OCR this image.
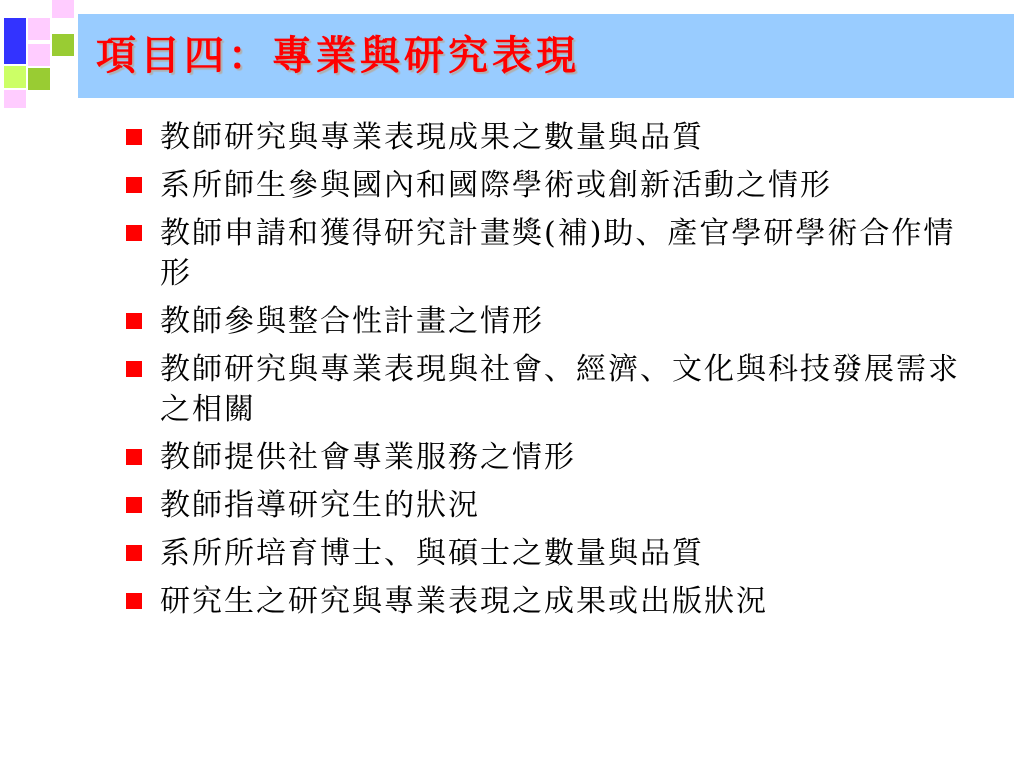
項目四：專業與研究表現
教師研究與專業表現成果之數量與品質
系所師生參與國內和國際學術或創新活動之情形
教師申請和獲得研究計畫獎(補)助、產官學研學術合作情形
教師參與整合性計畫之情形
教師研究與專業表現與社會、經濟、文化與科技發展需求之相關
教師提供社會專業服務之情形
教師指導研究生的狀況
系所所培育博士、與碩士之數量與品質
研究生之研究與專業表現之成果或出版狀況
